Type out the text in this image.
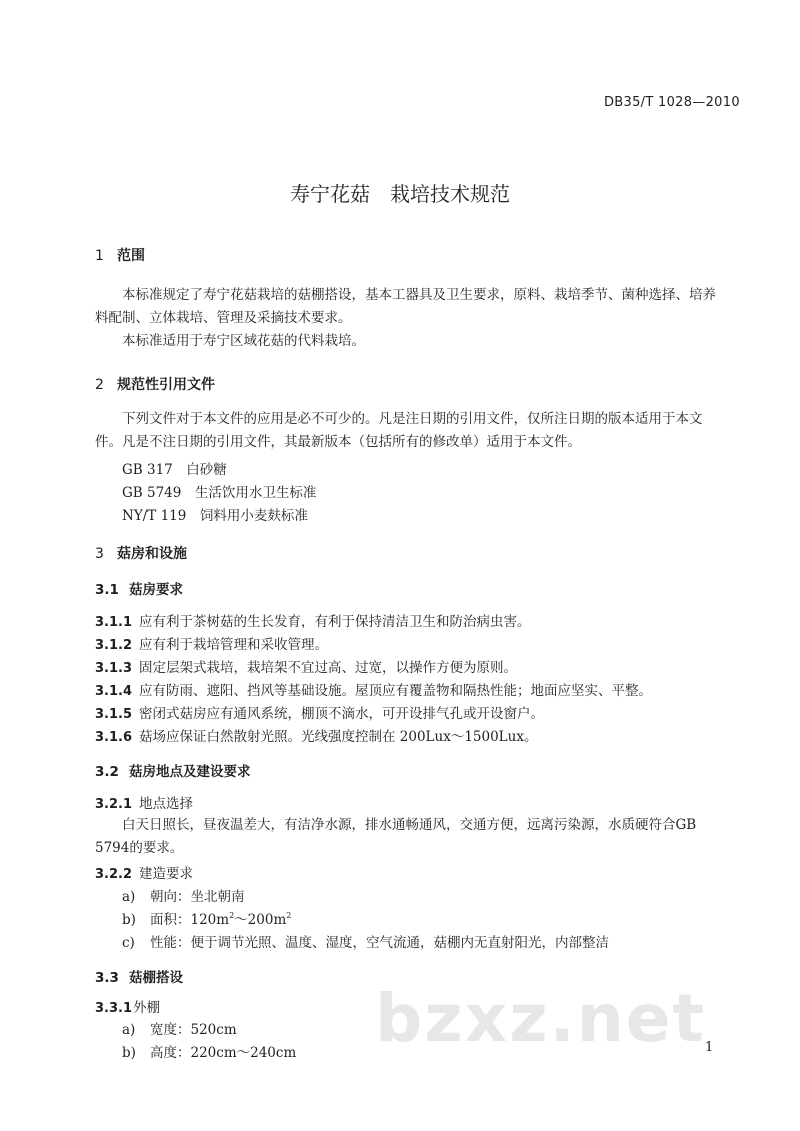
DB35/T 1028—2010
寿宁花菇　栽培技术规范
1 范围
本标准规定了寿宁花菇栽培的菇棚搭设，基本工器具及卫生要求，原料、栽培季节、菌种选择、培养料配制、立体栽培、管理及采摘技术要求。
本标准适用于寿宁区域花菇的代料栽培。
2 规范性引用文件
下列文件对于本文件的应用是必不可少的。凡是注日期的引用文件，仅所注日期的版本适用于本文件。凡是不注日期的引用文件，其最新版本（包括所有的修改单）适用于本文件。
GB 317　白砂糖
GB 5749　生活饮用水卫生标准
NY/T 119　饲料用小麦麸标准
3 菇房和设施
3.1 菇房要求
3.1.1 应有利于茶树菇的生长发育，有利于保持清洁卫生和防治病虫害。
3.1.2 应有利于栽培管理和采收管理。
3.1.3 固定层架式栽培，栽培架不宜过高、过宽，以操作方便为原则。
3.1.4 应有防雨、遮阳、挡风等基础设施。屋顶应有覆盖物和隔热性能；地面应坚实、平整。
3.1.5 密闭式菇房应有通风系统，棚顶不滴水，可开设排气孔或开设窗户。
3.1.6 菇场应保证白然散射光照。光线强度控制在 200Lux～1500Lux。
3.2 菇房地点及建设要求
3.2.1 地点选择
白天日照长，昼夜温差大，有洁净水源，排水通畅通风，交通方便，远离污染源，水质硬符合GB 5794的要求。
3.2.2 建造要求
a) 朝向：坐北朝南
b) 面积：$120m^2\sim 200m^2$
c) 性能：便于调节光照、温度、湿度，空气流通，菇棚内无直射阳光，内部整洁
3.3 菇棚搭设
3.3.1外棚
a) 宽度：520cm
b) 高度：220cm～240cm bzxz.net
1
